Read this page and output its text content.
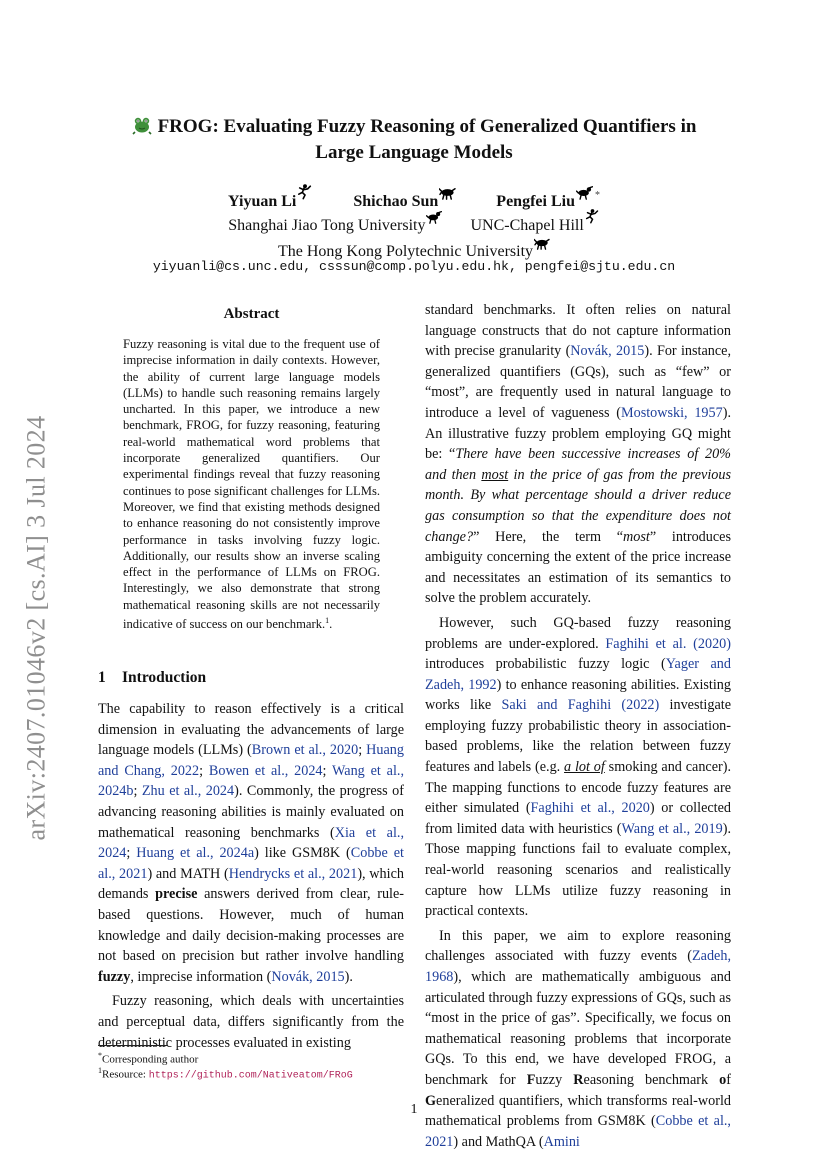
arXiv:2407.01046v2 [cs.AI] 3 Jul 2024
FROG: Evaluating Fuzzy Reasoning of Generalized Quantifiers in
Large Language Models
Yiyuan Li	Shichao Sun	Pengfei Liu *
Shanghai Jiao Tong University	UNC-Chapel Hill
The Hong Kong Polytechnic University
yiyuanli@cs.unc.edu, csssun@comp.polyu.edu.hk, pengfei@sjtu.edu.cn
Abstract
Fuzzy reasoning is vital due to the frequent use of imprecise information in daily contexts. However, the ability of current large language models (LLMs) to handle such reasoning remains largely uncharted. In this paper, we introduce a new benchmark, FROG, for fuzzy reasoning, featuring real-world mathematical word problems that incorporate generalized quantifiers. Our experimental findings reveal that fuzzy reasoning continues to pose significant challenges for LLMs. Moreover, we find that existing methods designed to enhance reasoning do not consistently improve performance in tasks involving fuzzy logic. Additionally, our results show an inverse scaling effect in the performance of LLMs on FROG. Interestingly, we also demonstrate that strong mathematical reasoning skills are not necessarily indicative of success on our benchmark.$^1$.
1 Introduction

The capability to reason effectively is a critical dimension in evaluating the advancements of large language models (LLMs) (Brown et al., 2020; Huang and Chang, 2022; Bowen et al., 2024; Wang et al., 2024b; Zhu et al., 2024). Commonly, the progress of advancing reasoning abilities is mainly evaluated on mathematical reasoning benchmarks (Xia et al., 2024; Huang et al., 2024a) like GSM8K (Cobbe et al., 2021) and MATH (Hendrycks et al., 2021), which demands precise answers derived from clear, rule-based questions. However, much of human knowledge and daily decision-making processes are not based on precision but rather involve handling fuzzy, imprecise information (Novák, 2015).

Fuzzy reasoning, which deals with uncertainties and perceptual data, differs significantly from the deterministic processes evaluated in existing

*Corresponding author
$^1$Resource: https://github.com/Nativeatom/FRoG

standard benchmarks. It often relies on natural language constructs that do not capture information with precise granularity (Novák, 2015). For instance, generalized quantifiers (GQs), such as “few” or “most”, are frequently used in natural language to introduce a level of vagueness (Mostowski, 1957). An illustrative fuzzy problem employing GQ might be: “There have been successive increases of 20% and then most in the price of gas from the previous month. By what percentage should a driver reduce gas consumption so that the expenditure does not change?” Here, the term “most” introduces ambiguity concerning the extent of the price increase and necessitates an estimation of its semantics to solve the problem accurately.

However, such GQ-based fuzzy reasoning problems are under-explored. Faghihi et al. (2020) introduces probabilistic fuzzy logic (Yager and Zadeh, 1992) to enhance reasoning abilities. Existing works like Saki and Faghihi (2022) investigate employing fuzzy probabilistic theory in association-based problems, like the relation between fuzzy features and labels (e.g. a lot of smoking and cancer). The mapping functions to encode fuzzy features are either simulated (Faghihi et al., 2020) or collected from limited data with heuristics (Wang et al., 2019). Those mapping functions fail to evaluate complex, real-world reasoning scenarios and realistically capture how LLMs utilize fuzzy reasoning in practical contexts.

In this paper, we aim to explore reasoning challenges associated with fuzzy events (Zadeh, 1968), which are mathematically ambiguous and articulated through fuzzy expressions of GQs, such as “most in the price of gas”. Specifically, we focus on mathematical reasoning problems that incorporate GQs. To this end, we have developed FROG, a benchmark for Fuzzy Reasoning benchmark of Generalized quantifiers, which transforms real-world mathematical problems from GSM8K (Cobbe et al., 2021) and MathQA (Amini

1
